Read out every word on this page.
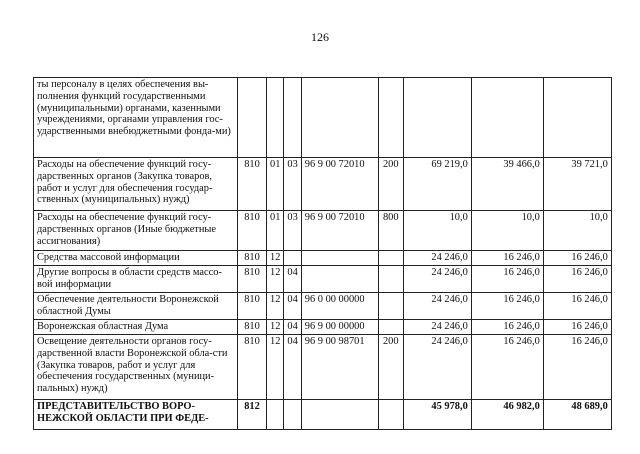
126
ты персоналу в целях обеспечения вы-полнения функций государственными (муниципальными) органами, казенными учреждениями, органами управления гос-ударственными внебюджетными фонда-ми)								
Расходы на обеспечение функций госу-дарственных органов (Закупка товаров, работ и услуг для обеспечения государ-ственных (муниципальных) нужд)	810	01	03	96 9 00 72010	200	69 219,0	39 466,0	39 721,0
Расходы на обеспечение функций госу-дарственных органов (Иные бюджетные ассигнования)	810	01	03	96 9 00 72010	800	10,0	10,0	10,0
Средства массовой информации	810	12				24 246,0	16 246,0	16 246,0
Другие вопросы в области средств массо-вой информации	810	12	04			24 246,0	16 246,0	16 246,0
Обеспечение деятельности Воронежской областной Думы	810	12	04	96 0 00 00000		24 246,0	16 246,0	16 246,0
Воронежская областная Дума	810	12	04	96 9 00 00000		24 246,0	16 246,0	16 246,0
Освещение деятельности органов госу-дарственной власти Воронежской обла-сти (Закупка товаров, работ и услуг для обеспечения государственных (муници-пальных) нужд)	810	12	04	96 9 00 98701	200	24 246,0	16 246,0	16 246,0
ПРЕДСТАВИТЕЛЬСТВО ВОРО-НЕЖСКОЙ ОБЛАСТИ ПРИ ФЕДЕ-	812					45 978,0	46 982,0	48 689,0
